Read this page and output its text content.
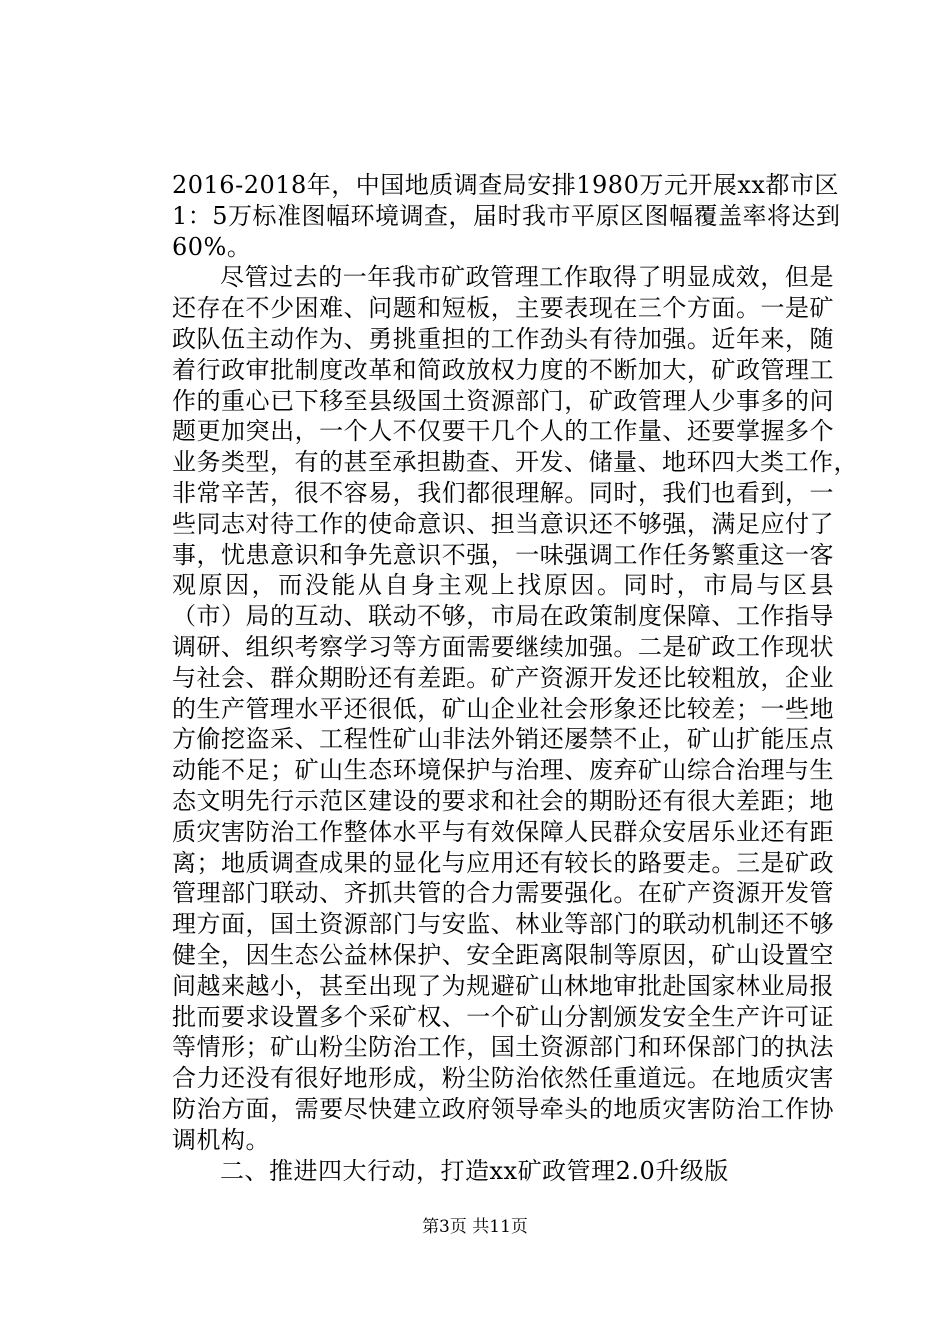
2016-2018年，中国地质调查局安排1980万元开展xx都市区
1：5万标准图幅环境调查，届时我市平原区图幅覆盖率将达到
60%。
尽管过去的一年我市矿政管理工作取得了明显成效，但是
还存在不少困难、问题和短板，主要表现在三个方面。一是矿
政队伍主动作为、勇挑重担的工作劲头有待加强。近年来，随
着行政审批制度改革和简政放权力度的不断加大，矿政管理工
作的重心已下移至县级国土资源部门，矿政管理人少事多的问
题更加突出，一个人不仅要干几个人的工作量、还要掌握多个
业务类型，有的甚至承担勘查、开发、储量、地环四大类工作，
非常辛苦，很不容易，我们都很理解。同时，我们也看到，一
些同志对待工作的使命意识、担当意识还不够强，满足应付了
事，忧患意识和争先意识不强，一味强调工作任务繁重这一客
观原因，而没能从自身主观上找原因。同时，市局与区县
（市）局的互动、联动不够，市局在政策制度保障、工作指导
调研、组织考察学习等方面需要继续加强。二是矿政工作现状
与社会、群众期盼还有差距。矿产资源开发还比较粗放，企业
的生产管理水平还很低，矿山企业社会形象还比较差；一些地
方偷挖盗采、工程性矿山非法外销还屡禁不止，矿山扩能压点
动能不足；矿山生态环境保护与治理、废弃矿山综合治理与生
态文明先行示范区建设的要求和社会的期盼还有很大差距；地
质灾害防治工作整体水平与有效保障人民群众安居乐业还有距
离；地质调查成果的显化与应用还有较长的路要走。三是矿政
管理部门联动、齐抓共管的合力需要强化。在矿产资源开发管
理方面，国土资源部门与安监、林业等部门的联动机制还不够
健全，因生态公益林保护、安全距离限制等原因，矿山设置空
间越来越小，甚至出现了为规避矿山林地审批赴国家林业局报
批而要求设置多个采矿权、一个矿山分割颁发安全生产许可证
等情形；矿山粉尘防治工作，国土资源部门和环保部门的执法
合力还没有很好地形成，粉尘防治依然任重道远。在地质灾害
防治方面，需要尽快建立政府领导牵头的地质灾害防治工作协
调机构。
二、推进四大行动，打造xx矿政管理2.0升级版
第3页 共11页
